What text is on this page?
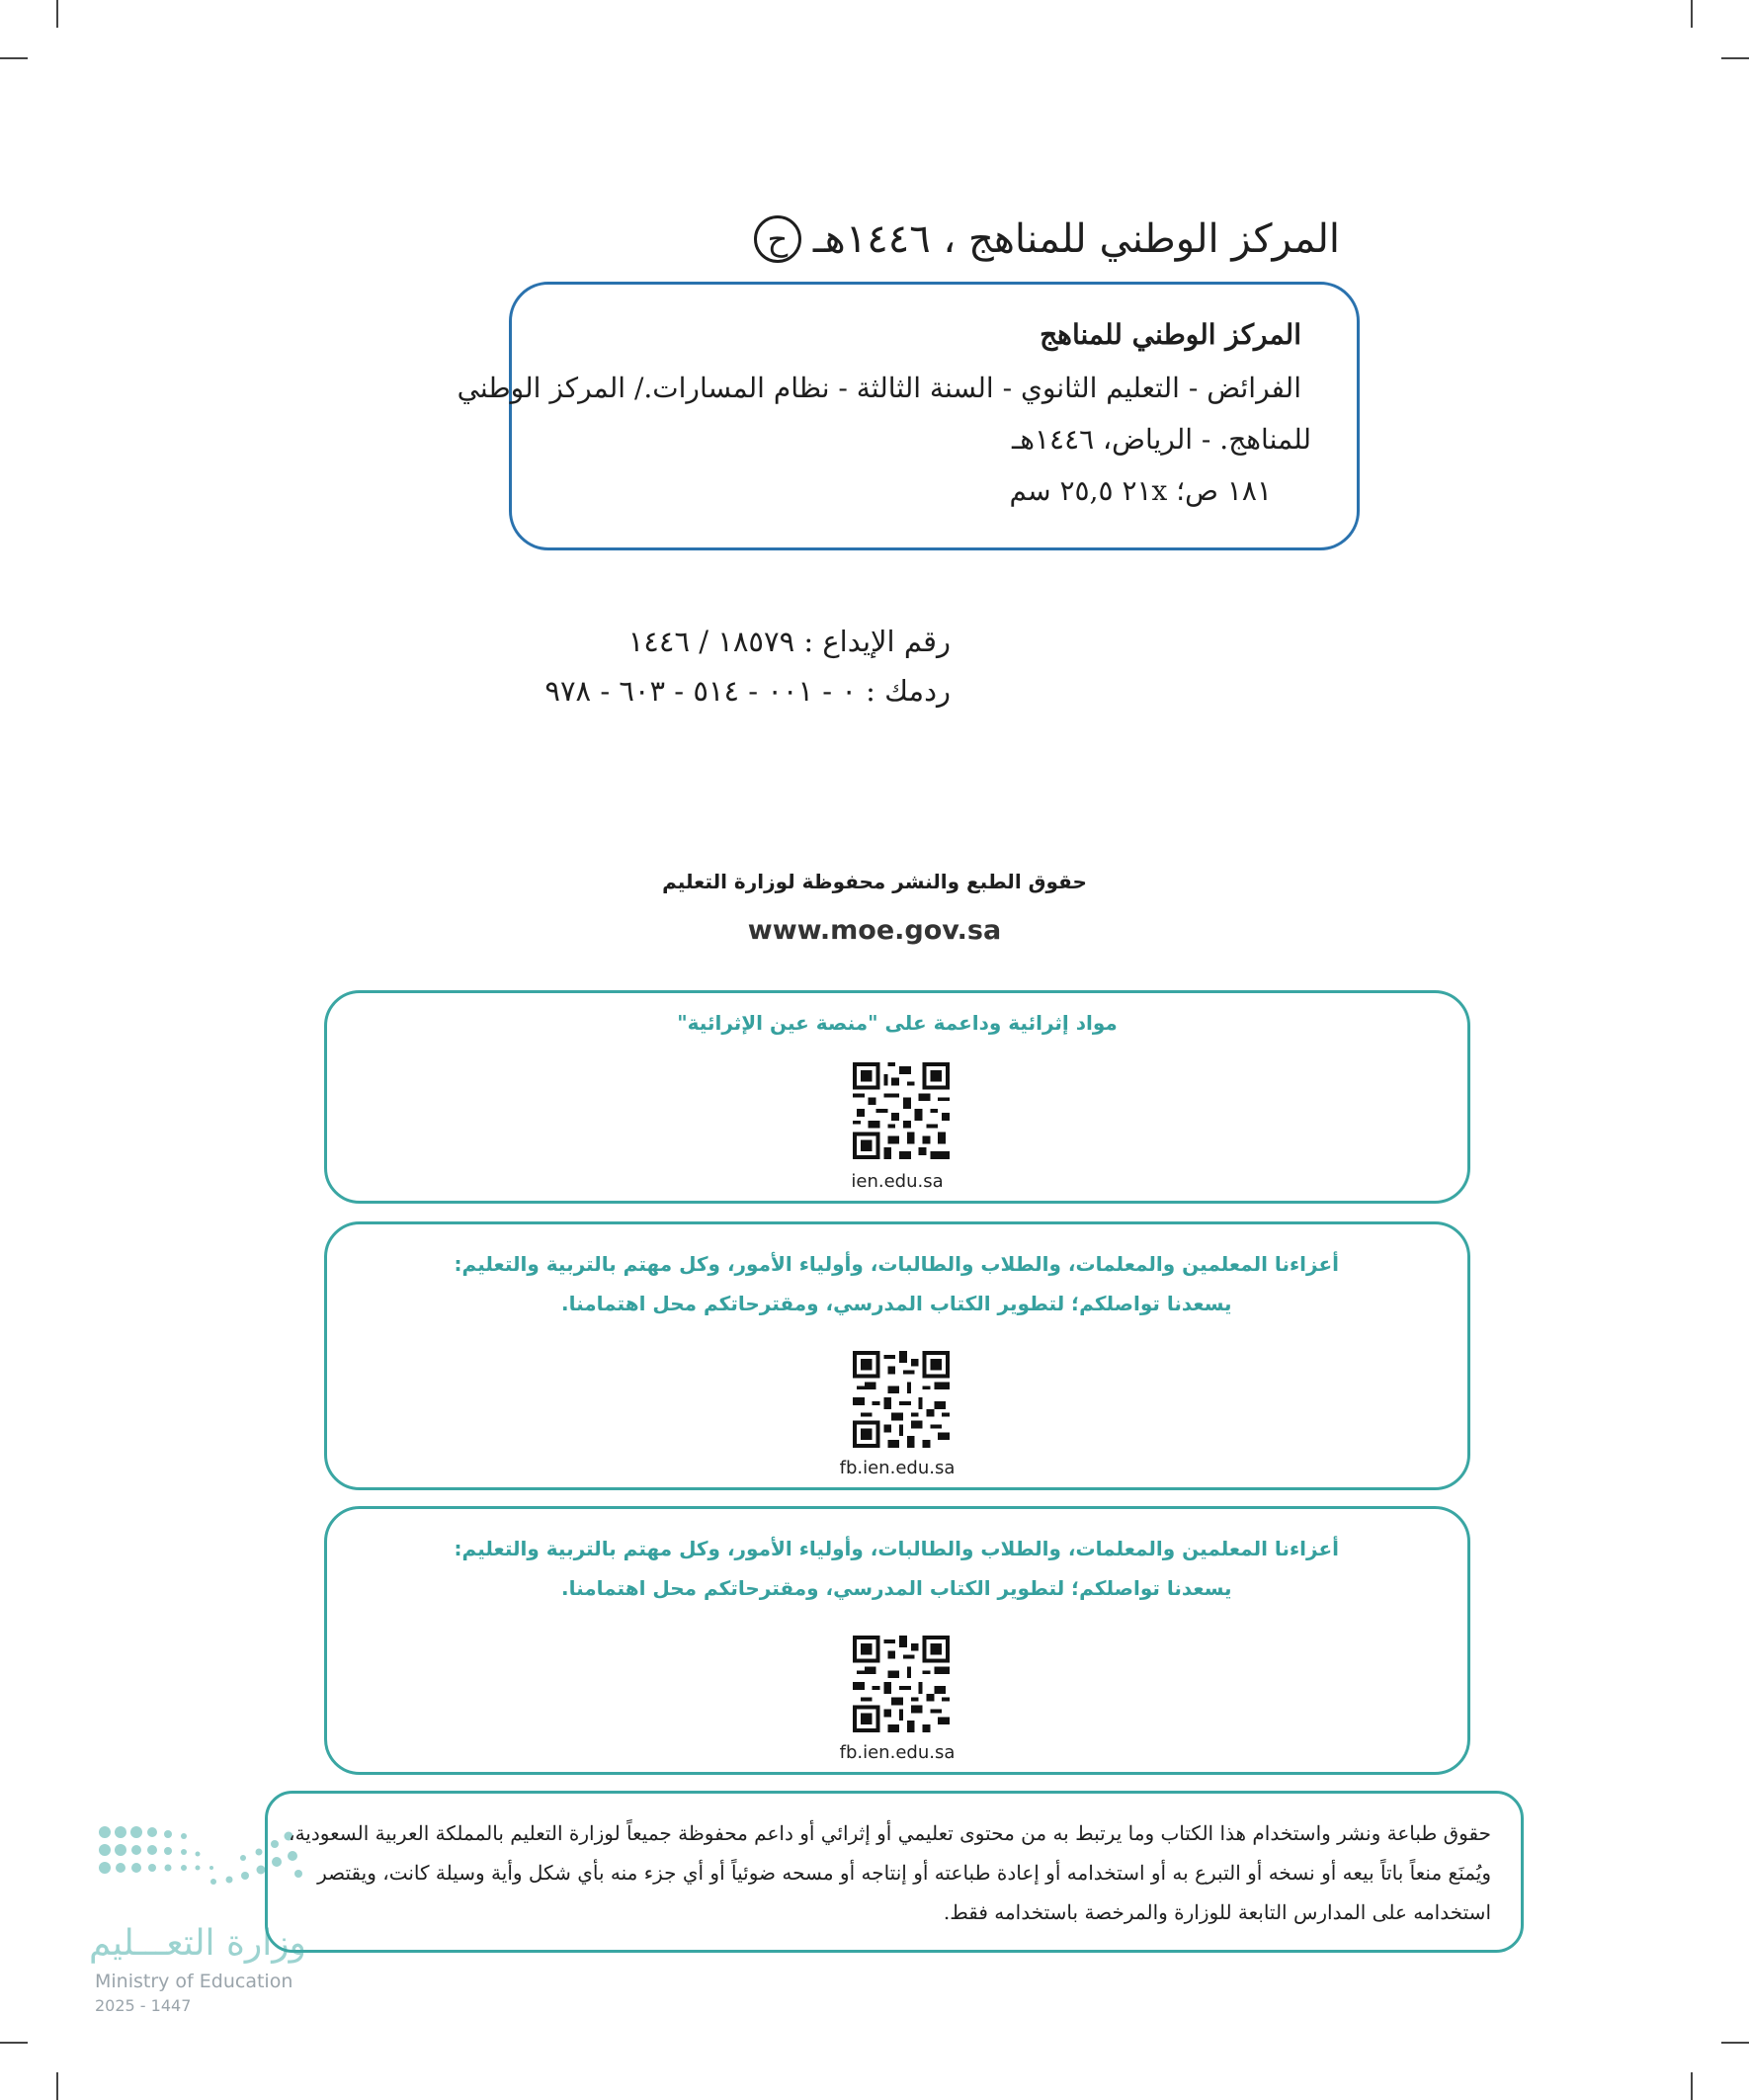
ح المركز الوطني للمناهج ، ١٤٤٦هـ
المركز الوطني للمناهج
الفرائض - التعليم الثانوي - السنة الثالثة - نظام المسارات./ المركز الوطني
للمناهج. - الرياض، ١٤٤٦هـ
١٨١ ص؛ ٢١x ٢٥,٥ سم
رقم الإيداع : ١٨٥٧٩ / ١٤٤٦
ردمك : ٠ - ٠٠١ - ٥١٤ - ٦٠٣ - ٩٧٨
حقوق الطبع والنشر محفوظة لوزارة التعليم
www.moe.gov.sa
مواد إثرائية وداعمة على "منصة عين الإثرائية"
ien.edu.sa
أعزاءنا المعلمين والمعلمات، والطلاب والطالبات، وأولياء الأمور، وكل مهتم بالتربية والتعليم:
يسعدنا تواصلكم؛ لتطوير الكتاب المدرسي، ومقترحاتكم محل اهتمامنا.
fb.ien.edu.sa
أعزاءنا المعلمين والمعلمات، والطلاب والطالبات، وأولياء الأمور، وكل مهتم بالتربية والتعليم:
يسعدنا تواصلكم؛ لتطوير الكتاب المدرسي، ومقترحاتكم محل اهتمامنا.
fb.ien.edu.sa
وزارة التعـــليم
Ministry of Education
2025 - 1447
حقوق طباعة ونشر واستخدام هذا الكتاب وما يرتبط به من محتوى تعليمي أو إثرائي أو داعم محفوظة جميعاً لوزارة التعليم بالمملكة العربية السعودية،
ويُمنَع منعاً باتاً بيعه أو نسخه أو التبرع به أو استخدامه أو إعادة طباعته أو إنتاجه أو مسحه ضوئياً أو أي جزء منه بأي شكل وأية وسيلة كانت، ويقتصر
استخدامه على المدارس التابعة للوزارة والمرخصة باستخدامه فقط.
